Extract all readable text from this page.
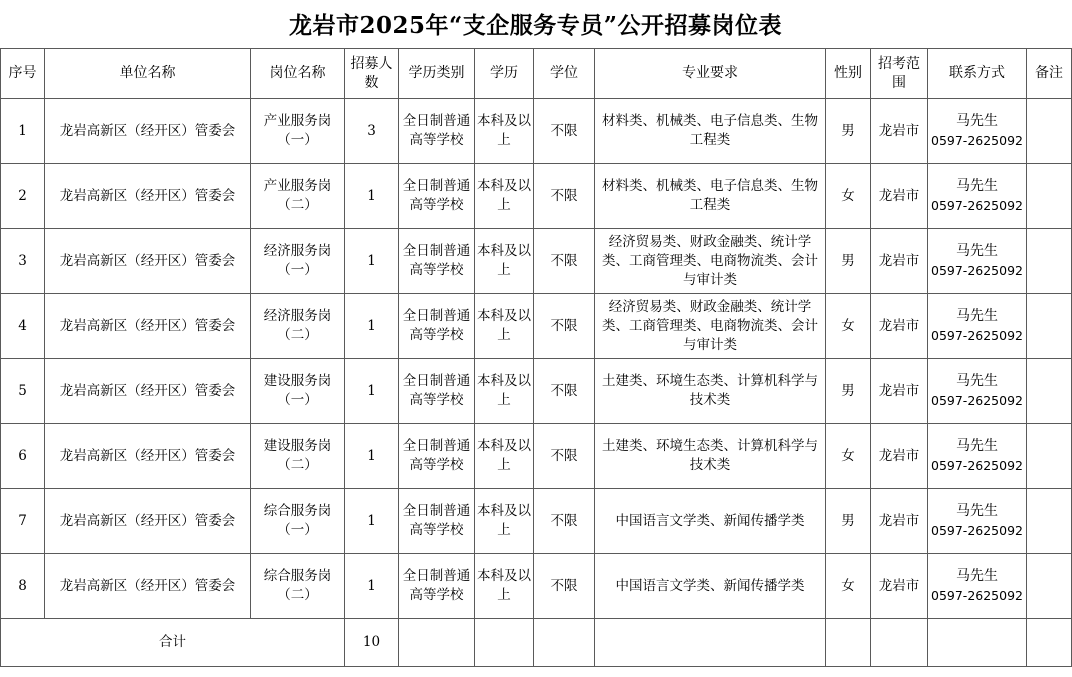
龙岩市2025年“支企服务专员”公开招募岗位表
序号	单位名称	岗位名称	招募人数	学历类别	学历	学位	专业要求	性别	招考范围	联系方式	备注
1	龙岩高新区（经开区）管委会	产业服务岗（一）	3	全日制普通高等学校	本科及以上	不限	材料类、机械类、电子信息类、生物工程类	男	龙岩市	马先生
0597-2625092	

2	龙岩高新区（经开区）管委会	产业服务岗（二）	1	全日制普通高等学校	本科及以上	不限	材料类、机械类、电子信息类、生物工程类	女	龙岩市	马先生
0597-2625092	

3	龙岩高新区（经开区）管委会	经济服务岗（一）	1	全日制普通高等学校	本科及以上	不限	经济贸易类、财政金融类、统计学类、工商管理类、电商物流类、会计与审计类	男	龙岩市	马先生
0597-2625092	

4	龙岩高新区（经开区）管委会	经济服务岗（二）	1	全日制普通高等学校	本科及以上	不限	经济贸易类、财政金融类、统计学类、工商管理类、电商物流类、会计与审计类	女	龙岩市	马先生
0597-2625092	

5	龙岩高新区（经开区）管委会	建设服务岗（一）	1	全日制普通高等学校	本科及以上	不限	土建类、环境生态类、计算机科学与技术类	男	龙岩市	马先生
0597-2625092	

6	龙岩高新区（经开区）管委会	建设服务岗（二）	1	全日制普通高等学校	本科及以上	不限	土建类、环境生态类、计算机科学与技术类	女	龙岩市	马先生
0597-2625092	

7	龙岩高新区（经开区）管委会	综合服务岗（一）	1	全日制普通高等学校	本科及以上	不限	中国语言文学类、新闻传播学类	男	龙岩市	马先生
0597-2625092	

8	龙岩高新区（经开区）管委会	综合服务岗（二）	1	全日制普通高等学校	本科及以上	不限	中国语言文学类、新闻传播学类	女	龙岩市	马先生
0597-2625092	

合计			10								
